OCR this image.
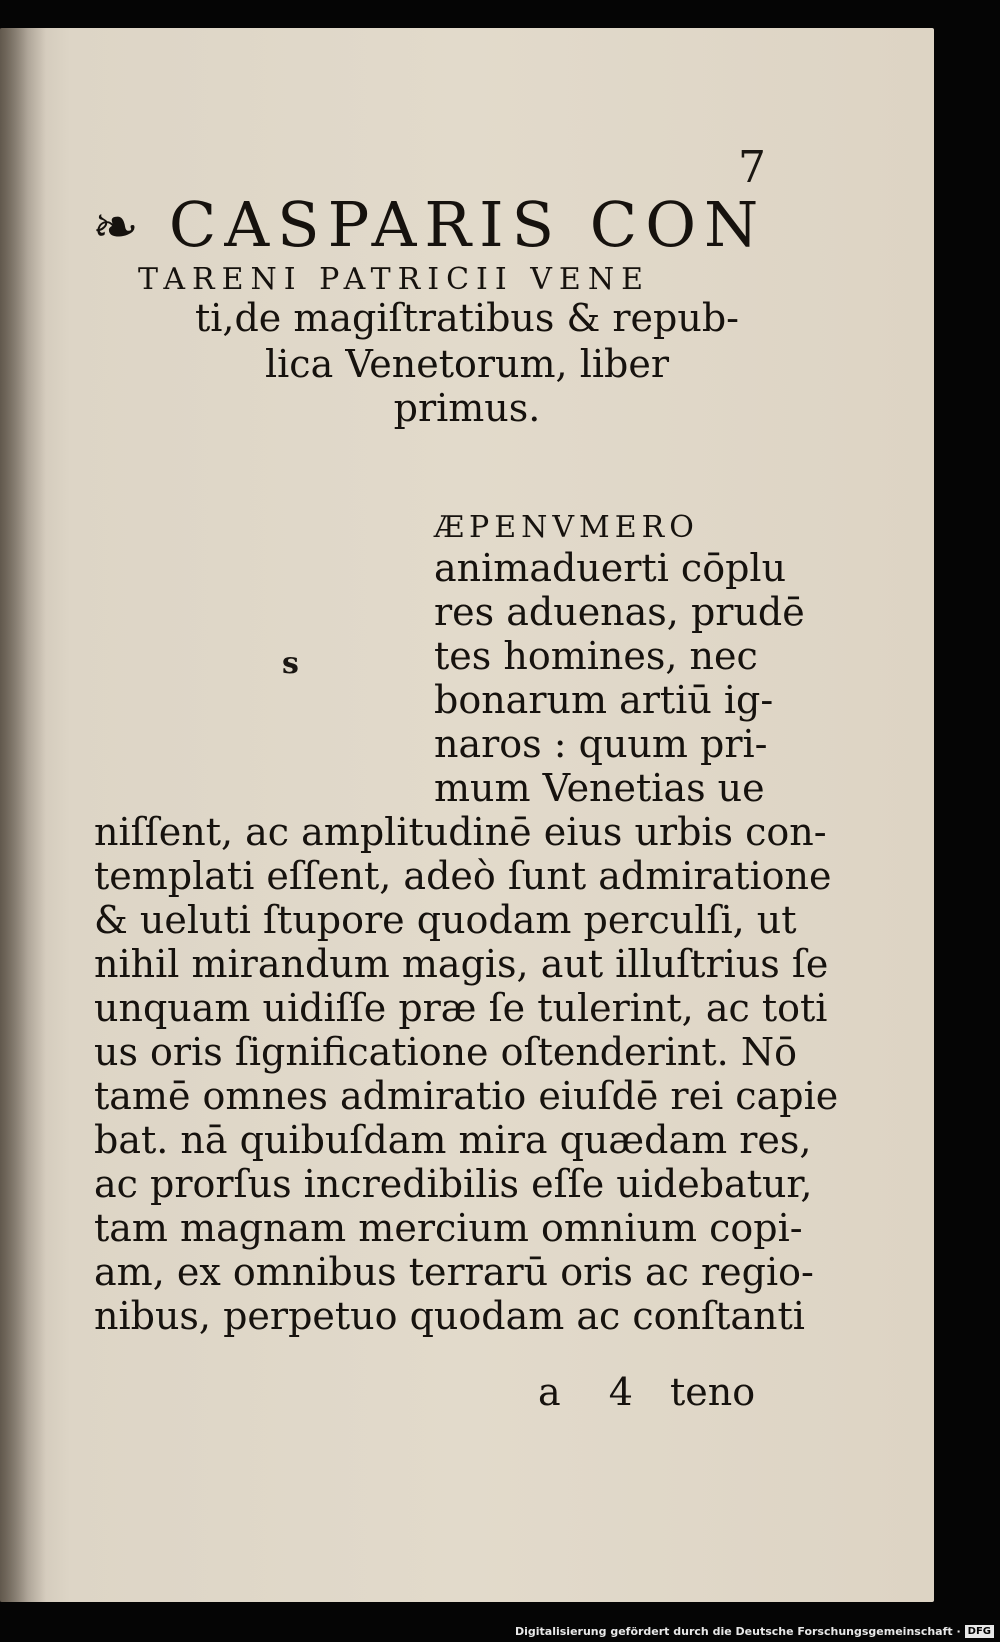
7
❧ CASPARIS CON
TARENI PATRICII VENE
ti,de magiſtratibus & repub-
lica Venetorum, liber
primus.
s
ÆPENVMERO
animaduerti cōplu
res aduenas, prudē
tes homines, nec
bonarum artiū ig-
naros : quum pri-
mum Venetias ue
niſſent, ac amplitudinē eius urbis con-
templati eſſent, adeò ſunt admiratione
& ueluti ſtupore quodam perculſi, ut
nihil mirandum magis, aut illuſtrius ſe
unquam uidiſſe præ ſe tulerint, ac toti
us oris ſignificatione oſtenderint. Nō
tamē omnes admiratio eiuſdē rei capie
bat. nā quibuſdam mira quædam res,
ac prorſus incredibilis eſſe uidebatur,
tam magnam mercium omnium copi-
am, ex omnibus terrarū oris ac regio-
nibus, perpetuo quodam ac conſtanti
a 4 teno
Digitalisierung gefördert durch die Deutsche Forschungsgemeinschaft · DFG
